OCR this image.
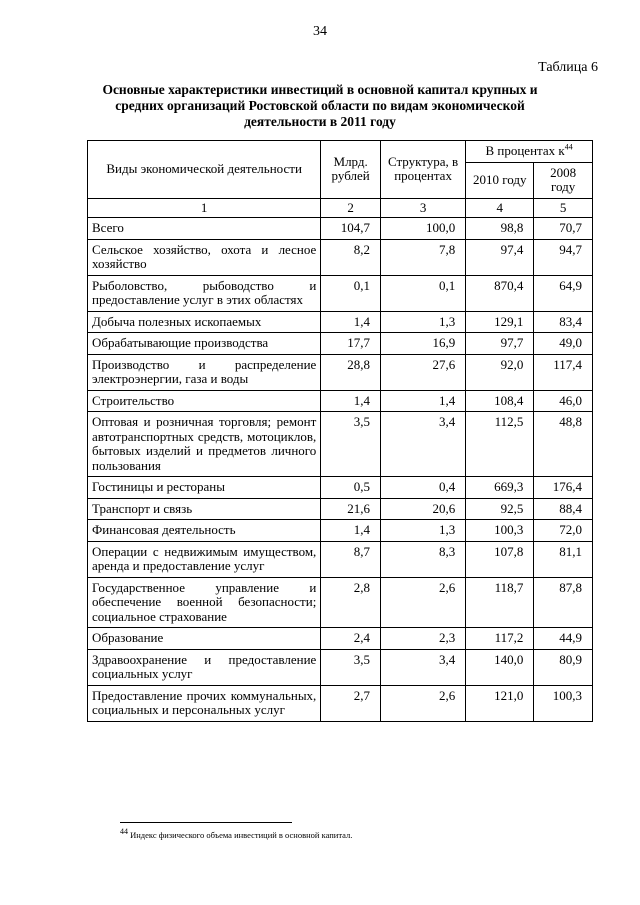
34
Таблица 6
Основные характеристики инвестиций в основной капитал крупных и средних организаций Ростовской области по видам экономической деятельности в 2011 году
Виды экономической деятельности	Млрд. рублей	Структура, в процентах	В процентах $к^{44}$
			2010 году	2008 году
1	2	3	4	5
Всего	104,7	100,0	98,8	70,7
Сельское хозяйство, охота и лесное хозяйство	8,2	7,8	97,4	94,7
Рыболовство, рыбоводство и предоставление услуг в этих областях	0,1	0,1	870,4	64,9
Добыча полезных ископаемых	1,4	1,3	129,1	83,4
Обрабатывающие производства	17,7	16,9	97,7	49,0
Производство и распределение электроэнергии, газа и воды	28,8	27,6	92,0	117,4
Строительство	1,4	1,4	108,4	46,0
Оптовая и розничная торговля; ремонт автотранспортных средств, мотоциклов, бытовых изделий и предметов личного пользования	3,5	3,4	112,5	48,8
Гостиницы и рестораны	0,5	0,4	669,3	176,4
Транспорт и связь	21,6	20,6	92,5	88,4
Финансовая деятельность	1,4	1,3	100,3	72,0
Операции с недвижимым имуществом, аренда и предоставление услуг	8,7	8,3	107,8	81,1
Государственное управление и обеспечение военной безопасности; социальное страхование	2,8	2,6	118,7	87,8
Образование	2,4	2,3	117,2	44,9
Здравоохранение и предоставление социальных услуг	3,5	3,4	140,0	80,9
Предоставление прочих коммунальных, социальных и персональных услуг	2,7	2,6	121,0	100,3
$^{44}$ Индекс физического объема инвестиций в основной капитал.
